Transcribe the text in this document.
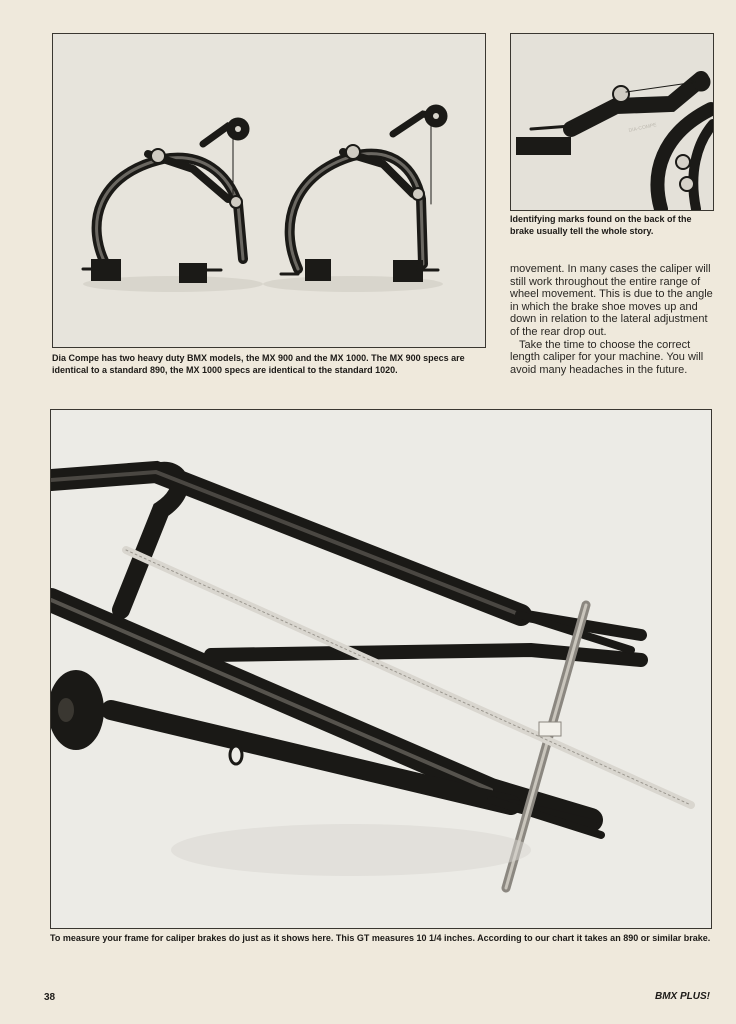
DIA-COMPE
Identifying marks found on the back of the brake usually tell the whole story.

movement. In many cases the caliper will still work throughout the entire range of wheel movement. This is due to the angle in which the brake shoe moves up and down in relation to the lateral adjustment of the rear drop out.

Take the time to choose the correct length caliper for your machine. You will avoid many headaches in the future.

Dia Compe has two heavy duty BMX models, the MX 900 and the MX 1000. The MX 900 specs are identical to a standard 890, the MX 1000 specs are identical to the standard 1020.
To measure your frame for caliper brakes do just as it shows here. This GT measures 10 1/4 inches. According to our chart it takes an 890 or similar brake.
38	BMX PLUS!
